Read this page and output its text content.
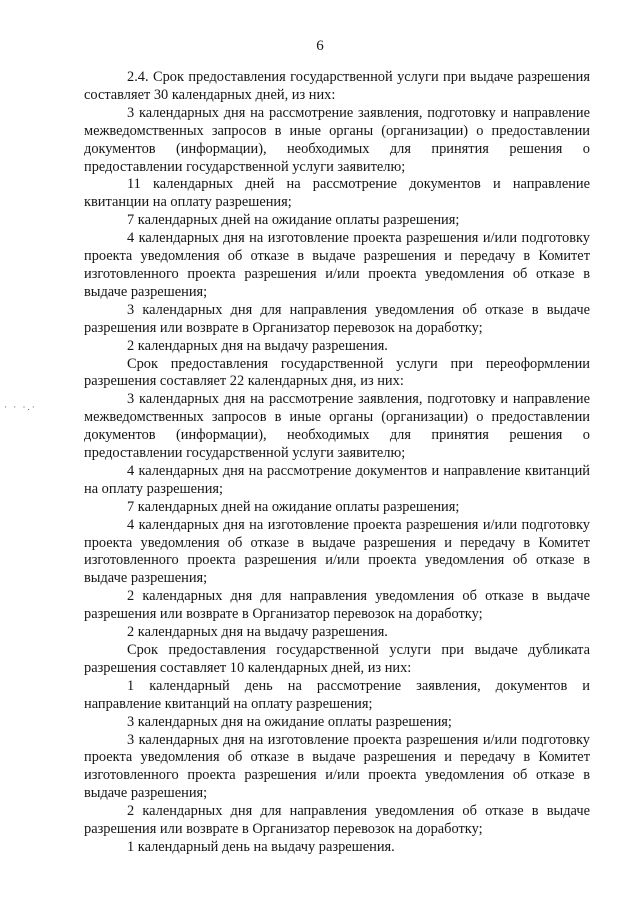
6
· · ·.·

2.4. Срок предоставления государственной услуги при выдаче разрешения составляет 30 календарных дней, из них:

3 календарных дня на рассмотрение заявления, подготовку и направление межведомственных запросов в иные органы (организации) о предоставлении документов (информации), необходимых для принятия решения о предоставлении государственной услуги заявителю;

11 календарных дней на рассмотрение документов и направление квитанции на оплату разрешения;

7 календарных дней на ожидание оплаты разрешения;

4 календарных дня на изготовление проекта разрешения и/или подготовку проекта уведомления об отказе в выдаче разрешения и передачу в Комитет изготовленного проекта разрешения и/или проекта уведомления об отказе в выдаче разрешения;

3 календарных дня для направления уведомления об отказе в выдаче разрешения или возврате в Организатор перевозок на доработку;

2 календарных дня на выдачу разрешения.

Срок предоставления государственной услуги при переоформлении разрешения составляет 22 календарных дня, из них:

3 календарных дня на рассмотрение заявления, подготовку и направление межведомственных запросов в иные органы (организации) о предоставлении документов (информации), необходимых для принятия решения о предоставлении государственной услуги заявителю;

4 календарных дня на рассмотрение документов и направление квитанций на оплату разрешения;

7 календарных дней на ожидание оплаты разрешения;

4 календарных дня на изготовление проекта разрешения и/или подготовку проекта уведомления об отказе в выдаче разрешения и передачу в Комитет изготовленного проекта разрешения и/или проекта уведомления об отказе в выдаче разрешения;

2 календарных дня для направления уведомления об отказе в выдаче разрешения или возврате в Организатор перевозок на доработку;

2 календарных дня на выдачу разрешения.

Срок предоставления государственной услуги при выдаче дубликата разрешения составляет 10 календарных дней, из них:

1 календарный день на рассмотрение заявления, документов и направление квитанций на оплату разрешения;

3 календарных дня на ожидание оплаты разрешения;

3 календарных дня на изготовление проекта разрешения и/или подготовку проекта уведомления об отказе в выдаче разрешения и передачу в Комитет изготовленного проекта разрешения и/или проекта уведомления об отказе в выдаче разрешения;

2 календарных дня для направления уведомления об отказе в выдаче разрешения или возврате в Организатор перевозок на доработку;

1 календарный день на выдачу разрешения.
